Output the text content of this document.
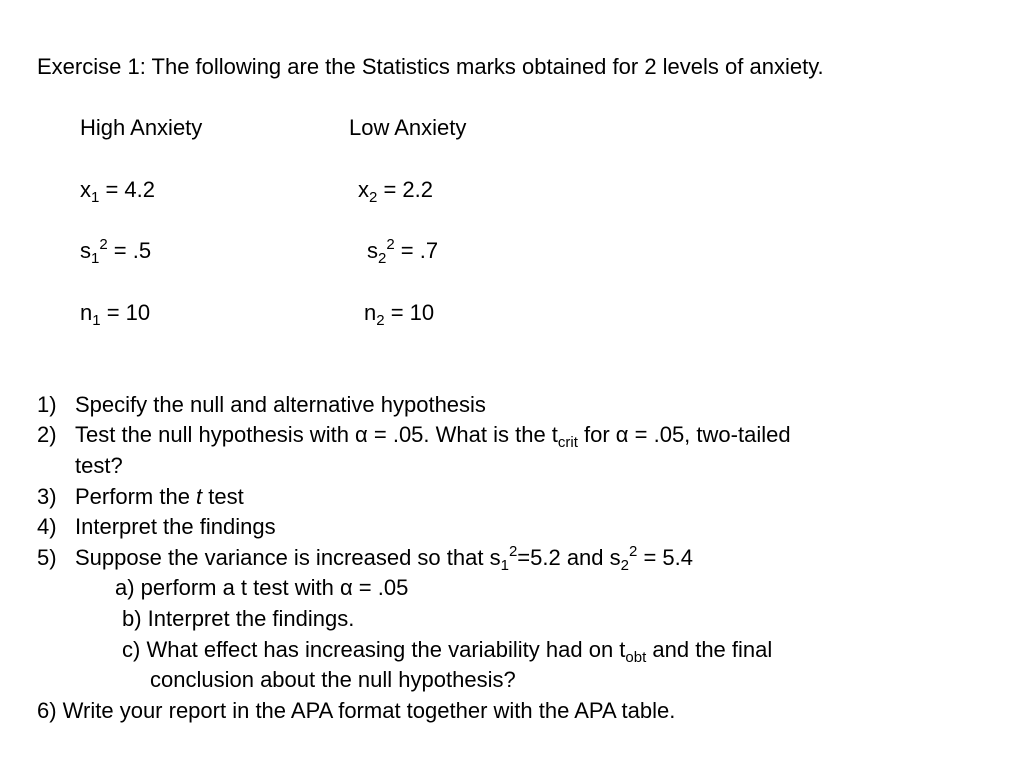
Exercise 1: The following are the Statistics marks obtained for 2 levels of anxiety.
High Anxiety	Low Anxiety
$x_1 = 4.2$	$x_2 = 2.2$
$s_1^2 = .5$	$s_2^2 = .7$
$n_1 = 10$	$n_2 = 10$
1) Specify the null and alternative hypothesis
2) Test the null hypothesis with α = .05. What is the $t_{crit}$ for α = .05, two-tailed
test?
3) Perform the t test
4) Interpret the findings
5) Suppose the variance is increased so that $s_1^2=5.2$ and $s_2^2 = 5.4$
a) perform a t test with α = .05
b) Interpret the findings.
c) What effect has increasing the variability had on $t_{obt}$ and the final
conclusion about the null hypothesis?
6) Write your report in the APA format together with the APA table.
